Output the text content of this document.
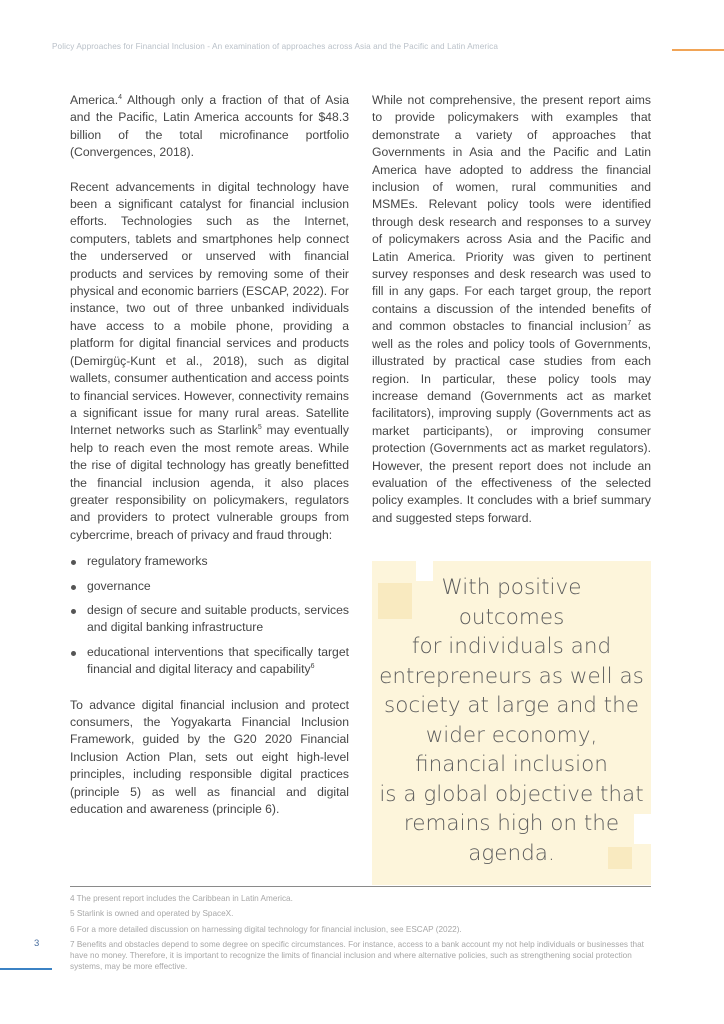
Policy Approaches for Financial Inclusion - An examination of approaches across Asia and the Pacific and Latin America

America.$^4$ Although only a fraction of that of Asia and the Pacific, Latin America accounts for $48.3 billion of the total microfinance portfolio (Convergences, 2018).

Recent advancements in digital technology have been a significant catalyst for financial inclusion efforts. Technologies such as the Internet, computers, tablets and smartphones help connect the underserved or unserved with financial products and services by removing some of their physical and economic barriers (ESCAP, 2022). For instance, two out of three unbanked individuals have access to a mobile phone, providing a platform for digital financial services and products (Demirgüç-Kunt et al., 2018), such as digital wallets, consumer authentication and access points to financial services. However, connectivity remains a significant issue for many rural areas. Satellite Internet networks such as Starlink$^5$ may eventually help to reach even the most remote areas. While the rise of digital technology has greatly benefitted the financial inclusion agenda, it also places greater responsibility on policymakers, regulators and providers to protect vulnerable groups from cybercrime, breach of privacy and fraud through:

regulatory frameworks
governance
design of secure and suitable products, services and digital banking infrastructure
educational interventions that specifically target financial and digital literacy and capability$^6$

To advance digital financial inclusion and protect consumers, the Yogyakarta Financial Inclusion Framework, guided by the G20 2020 Financial Inclusion Action Plan, sets out eight high-level principles, including responsible digital practices (principle 5) as well as financial and digital education and awareness (principle 6).

While not comprehensive, the present report aims to provide policymakers with examples that demonstrate a variety of approaches that Governments in Asia and the Pacific and Latin America have adopted to address the financial inclusion of women, rural communities and MSMEs. Relevant policy tools were identified through desk research and responses to a survey of policymakers across Asia and the Pacific and Latin America. Priority was given to pertinent survey responses and desk research was used to fill in any gaps. For each target group, the report contains a discussion of the intended benefits of and common obstacles to financial inclusion$^7$ as well as the roles and policy tools of Governments, illustrated by practical case studies from each region. In particular, these policy tools may increase demand (Governments act as market facilitators), improving supply (Governments act as market participants), or improving consumer protection (Governments act as market regulators). However, the present report does not include an evaluation of the effectiveness of the selected policy examples. It concludes with a brief summary and suggested steps forward.

With positive
outcomes
for individuals and
entrepreneurs as well as
society at large and the
wider economy,
financial inclusion
is a global objective that
remains high on the
agenda.
4 The present report includes the Caribbean in Latin America.
5 Starlink is owned and operated by SpaceX.
6 For a more detailed discussion on harnessing digital technology for financial inclusion, see ESCAP (2022).
7 Benefits and obstacles depend to some degree on specific circumstances. For instance, access to a bank account my not help individuals or businesses that have no money. Therefore, it is important to recognize the limits of financial inclusion and where alternative policies, such as strengthening social protection systems, may be more effective.
3
